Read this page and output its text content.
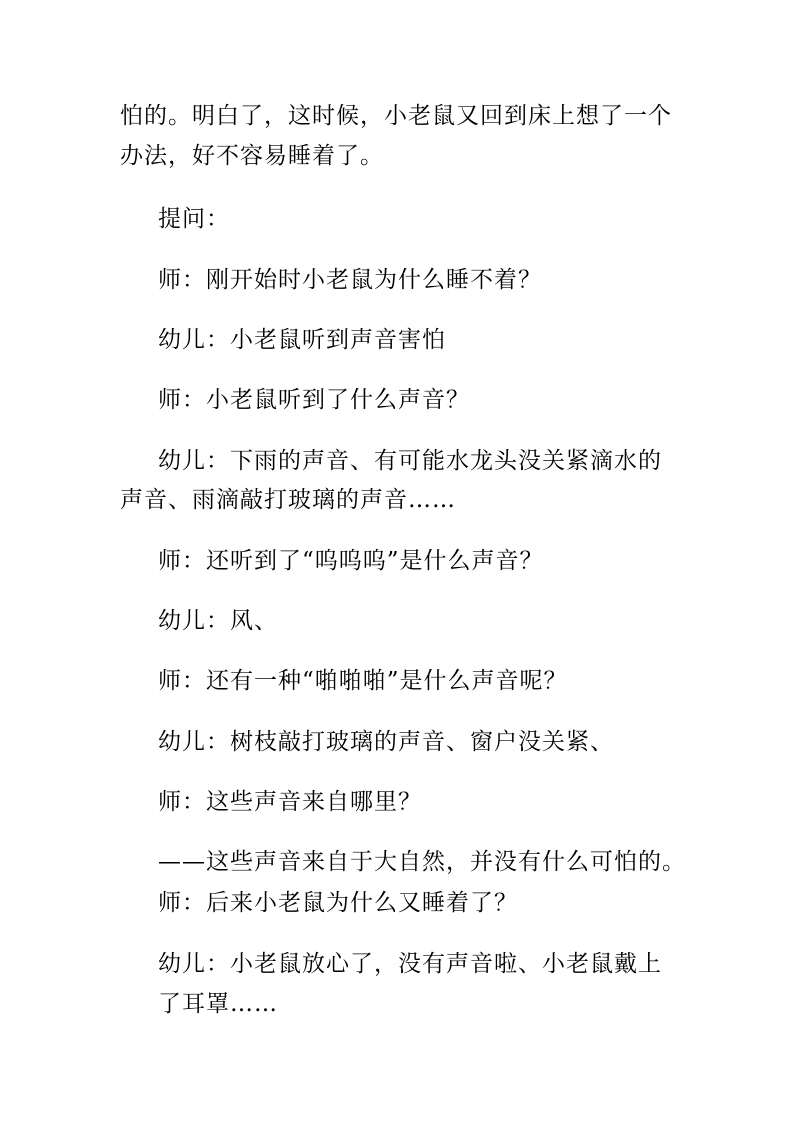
怕的。明白了，这时候，小老鼠又回到床上想了一个
办法，好不容易睡着了。
提问：
师：刚开始时小老鼠为什么睡不着？
幼儿：小老鼠听到声音害怕
师：小老鼠听到了什么声音？
幼儿：下雨的声音、有可能水龙头没关紧滴水的
声音、雨滴敲打玻璃的声音……
师：还听到了“呜呜呜”是什么声音？
幼儿：风、
师：还有一种“啪啪啪”是什么声音呢？
幼儿：树枝敲打玻璃的声音、窗户没关紧、
师：这些声音来自哪里？
——这些声音来自于大自然，并没有什么可怕的。
师：后来小老鼠为什么又睡着了？
幼儿：小老鼠放心了，没有声音啦、小老鼠戴上
了耳罩……
